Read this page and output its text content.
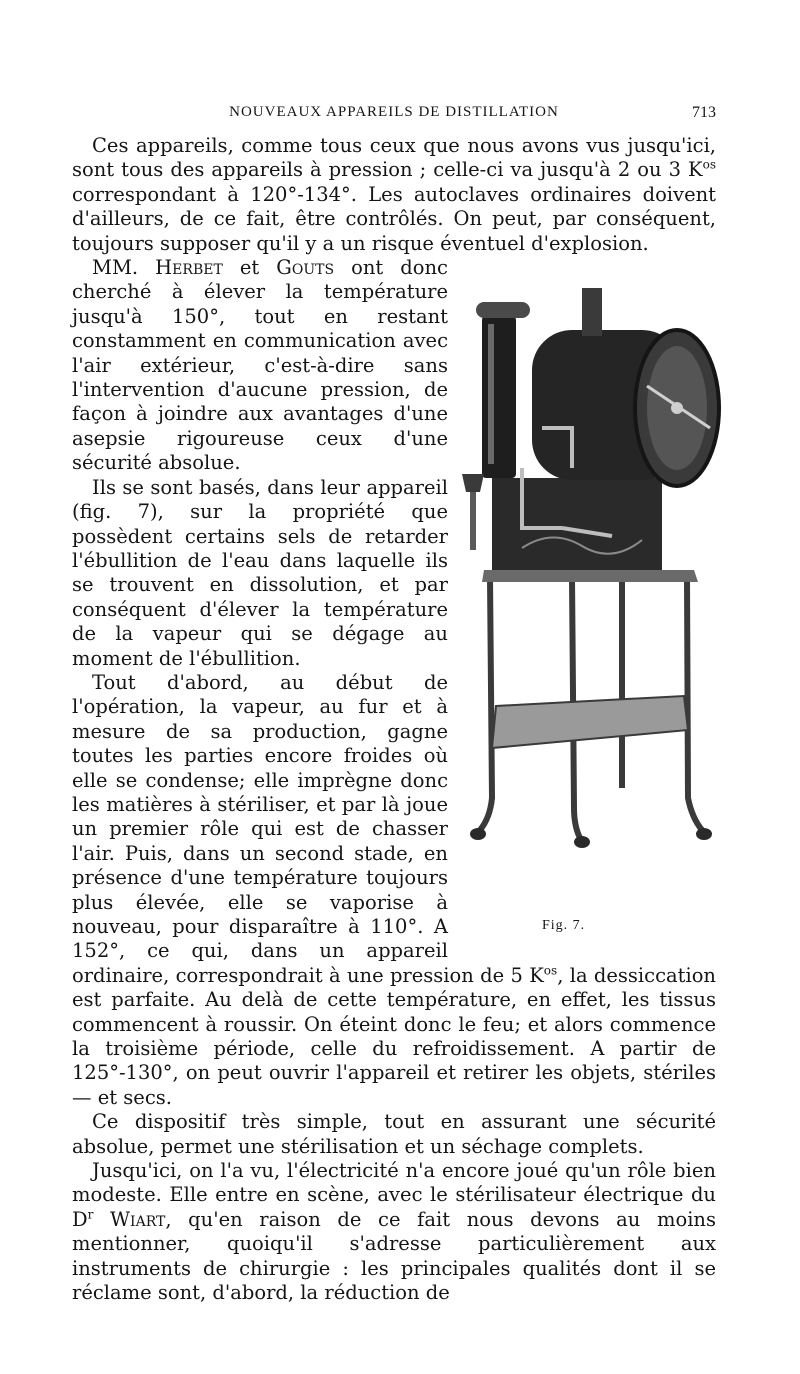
NOUVEAUX APPAREILS DE DISTILLATION	713

Ces appareils, comme tous ceux que nous avons vus jusqu'ici, sont tous des appareils à pression ; celle-ci va jusqu'à 2 ou 3 $K^{os}$ correspondant à 120°-134°. Les autoclaves ordinaires doivent d'ailleurs, de ce fait, être contrôlés. On peut, par conséquent, toujours supposer qu'il y a un risque éventuel d'explosion.

Fig. 7.

MM. Herbet et Gouts ont donc cherché à élever la température jusqu'à 150°, tout en restant constamment en communication avec l'air extérieur, c'est-à-dire sans l'intervention d'aucune pression, de façon à joindre aux avantages d'une asepsie rigoureuse ceux d'une sécurité absolue.

Ils se sont basés, dans leur appareil (fig. 7), sur la propriété que possèdent certains sels de retarder l'ébullition de l'eau dans laquelle ils se trouvent en dissolution, et par conséquent d'élever la température de la vapeur qui se dégage au moment de l'ébullition.

Tout d'abord, au début de l'opération, la vapeur, au fur et à mesure de sa production, gagne toutes les parties encore froides où elle se condense; elle imprègne donc les matières à stériliser, et par là joue un premier rôle qui est de chasser l'air. Puis, dans un second stade, en présence d'une température toujours plus élevée, elle se vaporise à nouveau, pour disparaître à 110°. A 152°, ce qui, dans un appareil ordinaire, correspondrait à une pression de 5 $K^{os}$, la dessiccation est parfaite. Au delà de cette température, en effet, les tissus commencent à roussir. On éteint donc le feu; et alors commence la troisième période, celle du refroidissement. A partir de 125°-130°, on peut ouvrir l'appareil et retirer les objets, stériles — et secs.

Ce dispositif très simple, tout en assurant une sécurité absolue, permet une stérilisation et un séchage complets.

Jusqu'ici, on l'a vu, l'électricité n'a encore joué qu'un rôle bien modeste. Elle entre en scène, avec le stérilisateur électrique du $D^r$ Wiart, qu'en raison de ce fait nous devons au moins mentionner, quoiqu'il s'adresse particulièrement aux instruments de chirurgie : les principales qualités dont il se réclame sont, d'abord, la réduction de
